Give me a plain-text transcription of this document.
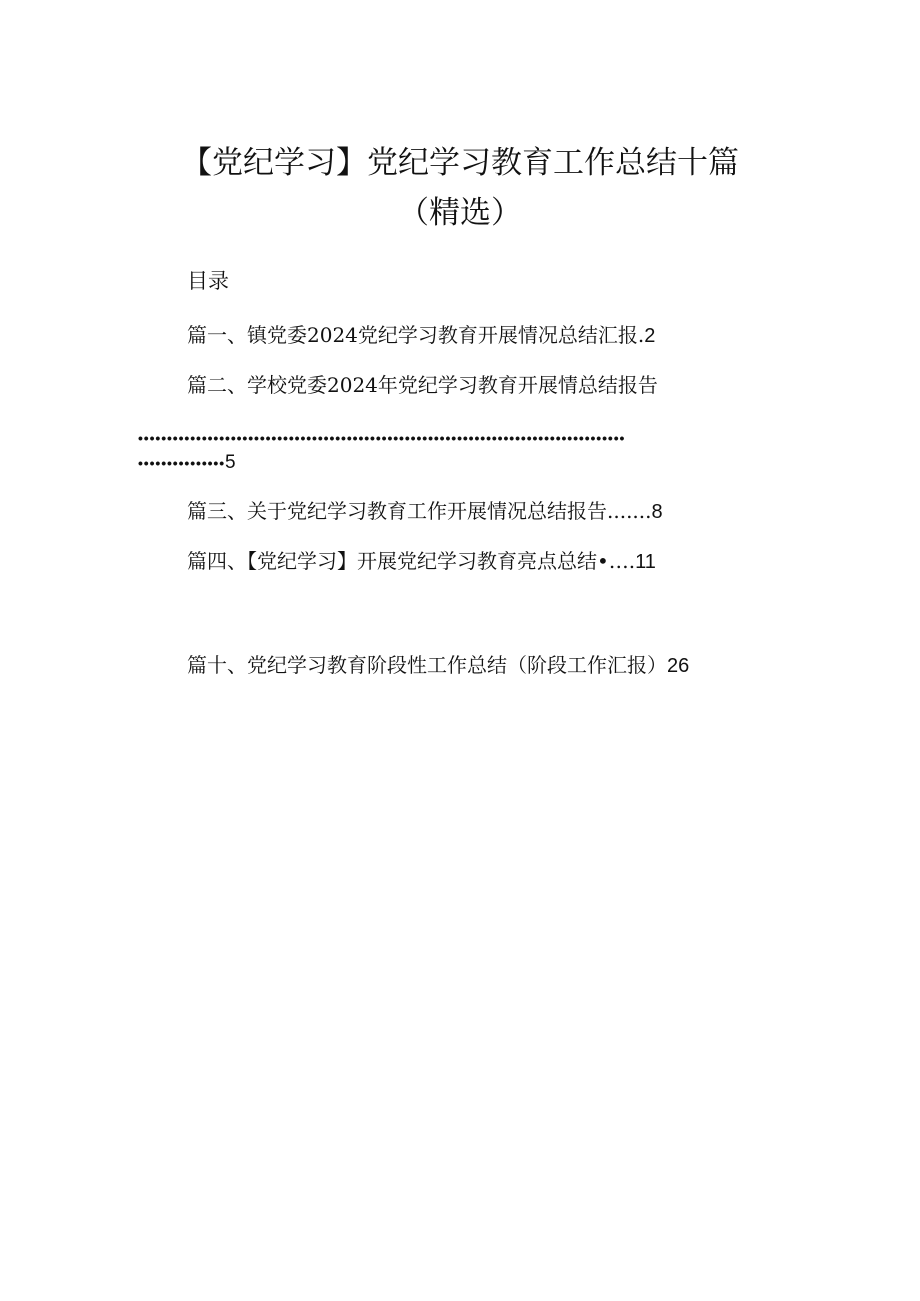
【党纪学习】党纪学习教育工作总结十篇
（精选）
目录
篇一、镇党委2024党纪学习教育开展情况总结汇报.2
篇二、学校党委2024年党纪学习教育开展情总结报告
••••••••••••••••••••••••••••••••••••••••••••••••••••••••••••••••••••••••••••••••••••
•••••••••••••••5
篇三、关于党纪学习教育工作开展情况总结报告.......8
篇四、【党纪学习】开展党纪学习教育亮点总结•….11
篇十、党纪学习教育阶段性工作总结（阶段工作汇报）26
